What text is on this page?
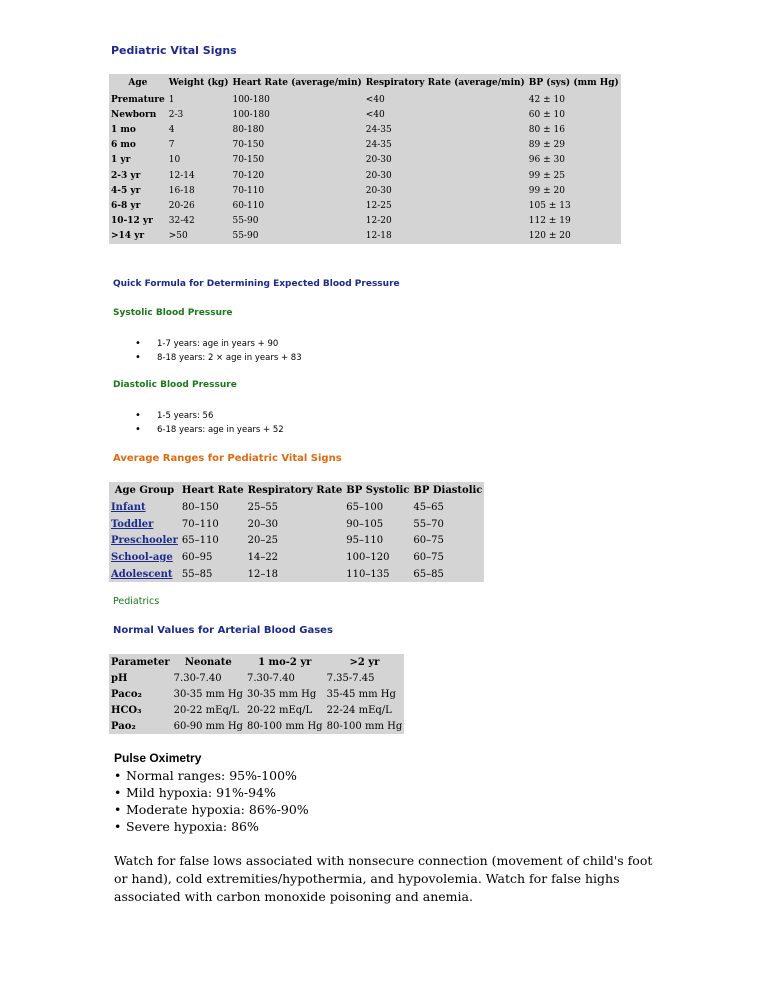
Pediatric Vital Signs
Age	Weight (kg)	Heart Rate (average/min)	Respiratory Rate (average/min)	BP (sys) (mm Hg)
Premature	1	100-180	<40	42 ± 10
Newborn	2-3	100-180	<40	60 ± 10
1 mo	4	80-180	24-35	80 ± 16
6 mo	7	70-150	24-35	89 ± 29
1 yr	10	70-150	20-30	96 ± 30
2-3 yr	12-14	70-120	20-30	99 ± 25
4-5 yr	16-18	70-110	20-30	99 ± 20
6-8 yr	20-26	60-110	12-25	105 ± 13
10-12 yr	32-42	55-90	12-20	112 ± 19
>14 yr	>50	55-90	12-18	120 ± 20
Quick Formula for Determining Expected Blood Pressure
Systolic Blood Pressure
• 1-7 years: age in years + 90
• 8-18 years: 2 × age in years + 83
Diastolic Blood Pressure
• 1-5 years: 56
• 6-18 years: age in years + 52
Average Ranges for Pediatric Vital Signs
Age Group	Heart Rate	Respiratory Rate	BP Systolic	BP Diastolic
Infant	80–150	25–55	65–100	45–65
Toddler	70–110	20–30	90–105	55–70
Preschooler	65–110	20–25	95–110	60–75
School-age	60–95	14–22	100–120	60–75
Adolescent	55–85	12–18	110–135	65–85
Pediatrics
Normal Values for Arterial Blood Gases
Parameter	Neonate	1 mo-2 yr	>2 yr
pH	7.30-7.40	7.30-7.40	7.35-7.45
Paco₂	30-35 mm Hg	30-35 mm Hg	35-45 mm Hg
HCO₃	20-22 mEq/L	20-22 mEq/L	22-24 mEq/L
Pao₂	60-90 mm Hg	80-100 mm Hg	80-100 mm Hg
Pulse Oximetry
• Normal ranges: 95%-100%
• Mild hypoxia: 91%-94%
• Moderate hypoxia: 86%-90%
• Severe hypoxia: 86%
Watch for false lows associated with nonsecure connection (movement of child's foot or hand), cold extremities/hypothermia, and hypovolemia. Watch for false highs associated with carbon monoxide poisoning and anemia.
